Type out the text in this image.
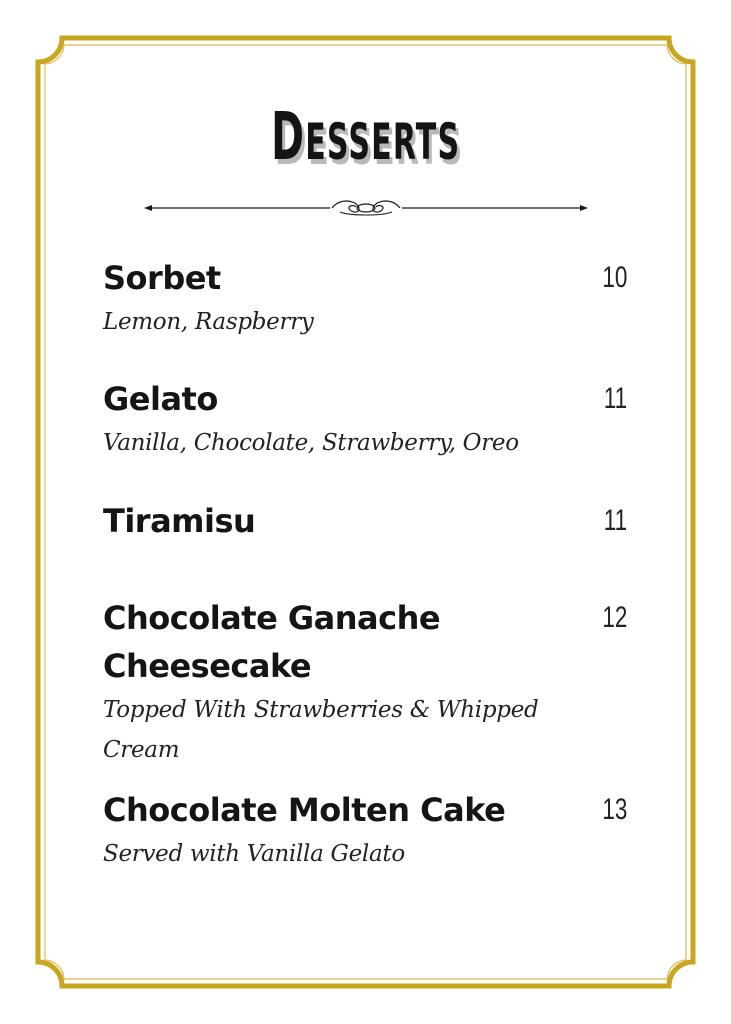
DESSERTS
Sorbet
Lemon, Raspberry
10
Gelato
Vanilla, Chocolate, Strawberry, Oreo
11
Tiramisu	11
Chocolate Ganache Cheesecake
Topped With Strawberries & Whipped Cream
12
Chocolate Molten Cake
Served with Vanilla Gelato
13
